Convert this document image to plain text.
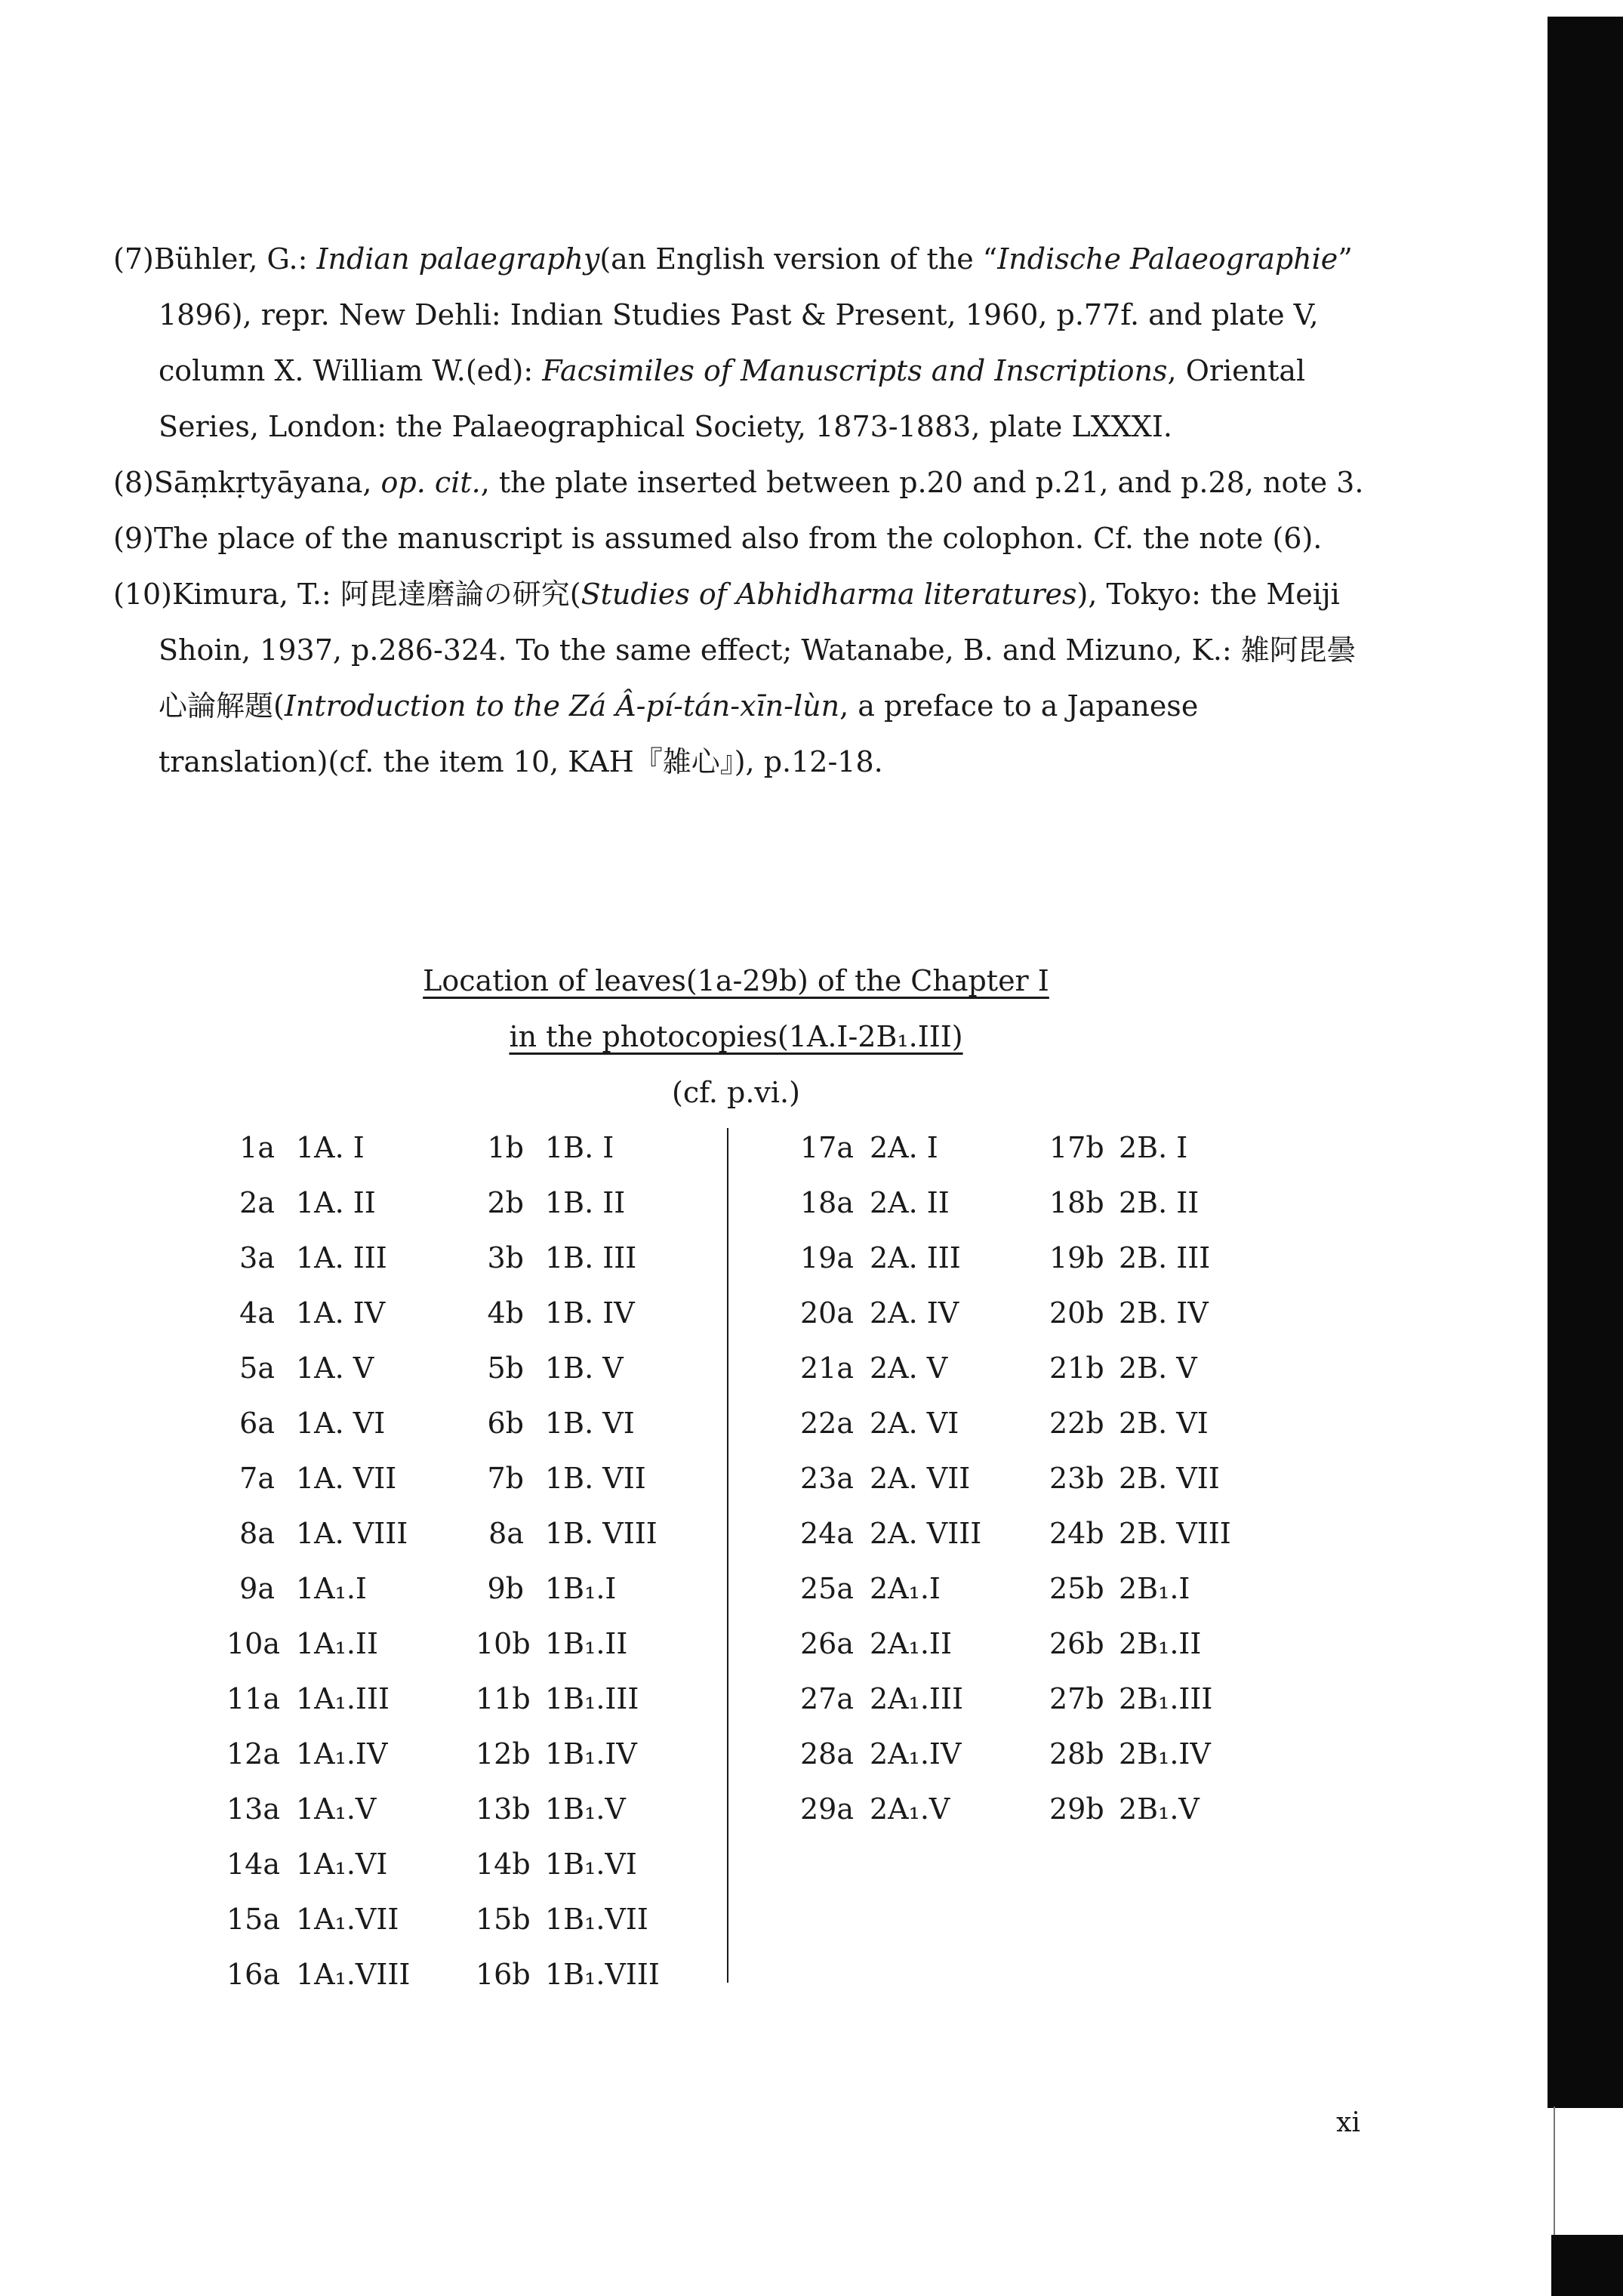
(7)Bühler, G.: Indian palaegraphy(an English version of the “Indische Palaeographie” 1896), repr. New Dehli: Indian Studies Past & Present, 1960, p.77f. and plate V, column X. William W.(ed): Facsimiles of Manuscripts and Inscriptions, Oriental Series, London: the Palaeographical Society, 1873-1883, plate LXXXI.
(8)Sāṃkṛtyāyana, op. cit., the plate inserted between p.20 and p.21, and p.28, note 3.
(9)The place of the manuscript is assumed also from the colophon. Cf. the note (6).
(10)Kimura, T.: 阿毘達磨論の研究(Studies of Abhidharma literatures), Tokyo: the Meiji Shoin, 1937, p.286-324. To the same effect; Watanabe, B. and Mizuno, K.: 雑阿毘曇心論解題(Introduction to the Zá Â-pí-tán-xīn-lùn, a preface to a Japanese translation)(cf. the item 10, KAH『雑心』), p.12-18.
Location of leaves(1a-29b) of the Chapter I
in the photocopies(1A.I-2B₁.III)
(cf. p.vi.)
1a 1A. I
2a 1A. II
3a 1A. III
4a 1A. IV
5a 1A. V
6a 1A. VI
7a 1A. VII
8a 1A. VIII
9a 1A₁.I
10a 1A₁.II
11a 1A₁.III
12a 1A₁.IV
13a 1A₁.V
14a 1A₁.VI
15a 1A₁.VII
16a 1A₁.VIII
1b 1B. I
2b 1B. II
3b 1B. III
4b 1B. IV
5b 1B. V
6b 1B. VI
7b 1B. VII
8a 1B. VIII
9b 1B₁.I
10b 1B₁.II
11b 1B₁.III
12b 1B₁.IV
13b 1B₁.V
14b 1B₁.VI
15b 1B₁.VII
16b 1B₁.VIII
17a 2A. I
18a 2A. II
19a 2A. III
20a 2A. IV
21a 2A. V
22a 2A. VI
23a 2A. VII
24a 2A. VIII
25a 2A₁.I
26a 2A₁.II
27a 2A₁.III
28a 2A₁.IV
29a 2A₁.V
17b 2B. I
18b 2B. II
19b 2B. III
20b 2B. IV
21b 2B. V
22b 2B. VI
23b 2B. VII
24b 2B. VIII
25b 2B₁.I
26b 2B₁.II
27b 2B₁.III
28b 2B₁.IV
29b 2B₁.V
xi
